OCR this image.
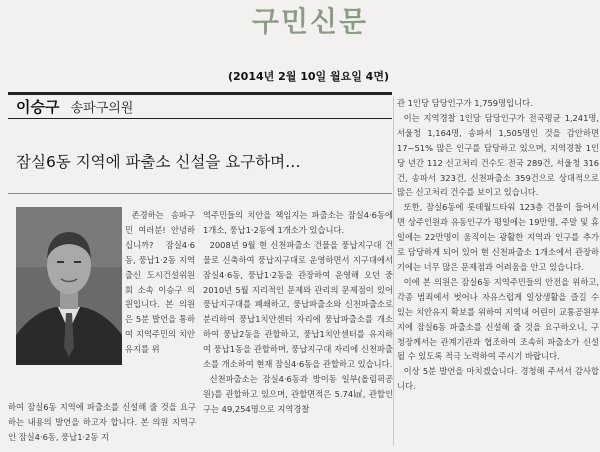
구민신문
(2014년 2월 10일 월요일 4면)
이승구 송파구의원
잠실6동 지역에 파출소 신설을 요구하며…

존경하는 송파구민 여러분! 안녕하십니까? 잠실4·6동, 풍납1·2동 지역출신 도시건설위원회 소속 이승구 의원입니다. 본 의원은 5분 발언을 통하여 지역주민의 치안유지를 위

하여 잠실6동 지역에 파출소를 신설해 줄 것을 요구하는 내용의 발언을 하고자 합니다. 본 의원 지역구인 잠실4·6동, 풍납1·2동 지

역주민들의 치안을 책임지는 파출소는 잠실4·6동에 1개소, 풍납1·2동에 1개소가 있습니다.

2008년 9월 현 신천파출소 건물을 풍납지구대 건물로 신축하여 풍납지구대로 운영하면서 지구대에서 잠실4·6동, 풍납1·2동을 관장하여 운영해 오던 중 2010년 5월 지리적인 문제와 관리의 문제점이 있어 풍납지구대를 폐쇄하고, 풍납파출소와 신천파출소로 분리하여 풍납1치안센터 자리에 풍납파출소를 개소하여 풍납2동을 관할하고, 풍납1치안센터를 유지하여 풍납1동을 관할하며, 풍납지구대 자리에 신천파출소를 개소하여 현재 잠실4·6동을 관할하고 있습니다.

신천파출소는 잠실4·6동과 방이동 일부(올림픽공원)를 관할하고 있으며, 관할면적은 5.74㎢, 관할인구는 49,254명으로 지역경찰

관 1인당 담당인구가 1,759명입니다.

이는 지역경찰 1인당 담당인구가 전국평균 1,241명, 서울청 1,164명, 송파서 1,505명인 것을 감안하면 17~51% 많은 인구를 담당하고 있으며, 지역경찰 1인당 년간 112 신고처리 건수도 전국 289건, 서울청 316건, 송파서 323건, 신천파출소 359건으로 상대적으로 많은 신고처리 건수를 보이고 있습니다.

또한, 잠실6동에 롯데월드타워 123층 건물이 들어서면 상주인원과 유동인구가 평일에는 19만명, 주말 및 휴일에는 22만명이 움직이는 광활한 지역과 인구를 추가로 담당하게 되어 있어 현 신천파출소 1개소에서 관장하기에는 너무 많은 문제점과 어려움을 안고 있습니다.

이에 본 의원은 잠실6동 지역주민들의 안전을 위하고, 각종 범죄에서 벗어나 자유스럽게 일상생활을 즐길 수 있는 치안유지 확보를 위하여 지역내 어린이 교통공원부지에 잠실6동 파출소를 신설해 줄 것을 요구하오니, 구청장께서는 관계기관과 협조하여 조속히 파출소가 신설될 수 있도록 적극 노력하여 주시기 바랍니다.

이상 5분 발언을 마치겠습니다. 경청해 주셔서 감사합니다.
